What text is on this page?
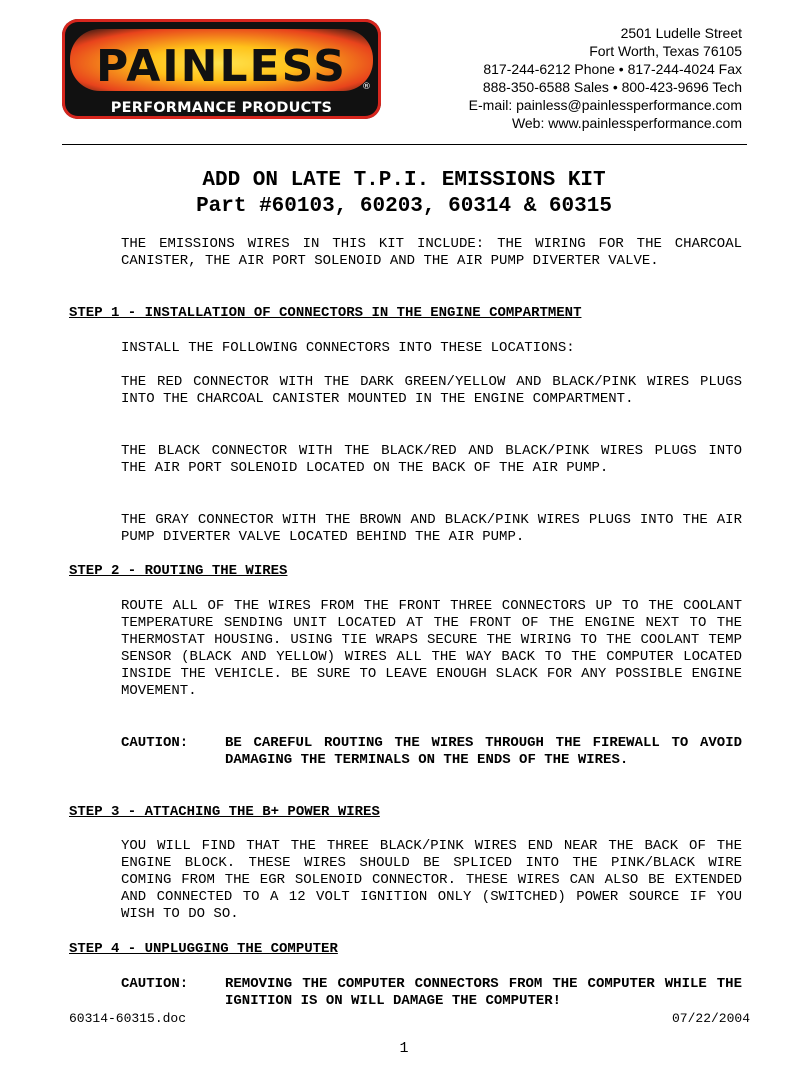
PAINLESS
PERFORMANCE PRODUCTS
®
2501 Ludelle Street
Fort Worth, Texas 76105
817-244-6212 Phone • 817-244-4024 Fax
888-350-6588 Sales • 800-423-9696 Tech
E-mail: painless@painlessperformance.com
Web: www.painlessperformance.com
ADD ON LATE T.P.I. EMISSIONS KIT
Part #60103, 60203, 60314 & 60315
THE EMISSIONS WIRES IN THIS KIT INCLUDE: THE WIRING FOR THE CHARCOAL CANISTER, THE AIR PORT SOLENOID AND THE AIR PUMP DIVERTER VALVE.
STEP 1 - INSTALLATION OF CONNECTORS IN THE ENGINE COMPARTMENT
INSTALL THE FOLLOWING CONNECTORS INTO THESE LOCATIONS:
THE RED CONNECTOR WITH THE DARK GREEN/YELLOW AND BLACK/PINK WIRES PLUGS INTO THE CHARCOAL CANISTER MOUNTED IN THE ENGINE COMPARTMENT.
THE BLACK CONNECTOR WITH THE BLACK/RED AND BLACK/PINK WIRES PLUGS INTO THE AIR PORT SOLENOID LOCATED ON THE BACK OF THE AIR PUMP.
THE GRAY CONNECTOR WITH THE BROWN AND BLACK/PINK WIRES PLUGS INTO THE AIR PUMP DIVERTER VALVE LOCATED BEHIND THE AIR PUMP.
STEP 2 - ROUTING THE WIRES
ROUTE ALL OF THE WIRES FROM THE FRONT THREE CONNECTORS UP TO THE COOLANT TEMPERATURE SENDING UNIT LOCATED AT THE FRONT OF THE ENGINE NEXT TO THE THERMOSTAT HOUSING. USING TIE WRAPS SECURE THE WIRING TO THE COOLANT TEMP SENSOR (BLACK AND YELLOW) WIRES ALL THE WAY BACK TO THE COMPUTER LOCATED INSIDE THE VEHICLE. BE SURE TO LEAVE ENOUGH SLACK FOR ANY POSSIBLE ENGINE MOVEMENT.
CAUTION:	BE CAREFUL ROUTING THE WIRES THROUGH THE FIREWALL TO AVOID DAMAGING THE TERMINALS ON THE ENDS OF THE WIRES.
STEP 3 - ATTACHING THE B+ POWER WIRES
YOU WILL FIND THAT THE THREE BLACK/PINK WIRES END NEAR THE BACK OF THE ENGINE BLOCK. THESE WIRES SHOULD BE SPLICED INTO THE PINK/BLACK WIRE COMING FROM THE EGR SOLENOID CONNECTOR. THESE WIRES CAN ALSO BE EXTENDED AND CONNECTED TO A 12 VOLT IGNITION ONLY (SWITCHED) POWER SOURCE IF YOU WISH TO DO SO.
STEP 4 - UNPLUGGING THE COMPUTER
CAUTION:	REMOVING THE COMPUTER CONNECTORS FROM THE COMPUTER WHILE THE IGNITION IS ON WILL DAMAGE THE COMPUTER!
60314-60315.doc	07/22/2004
1
